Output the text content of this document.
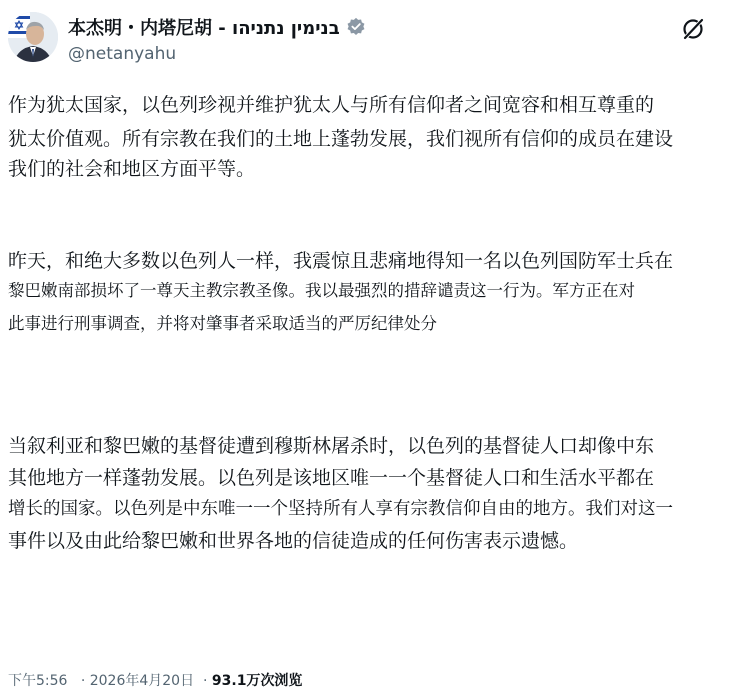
本杰明・内塔尼胡 - בנימין נתניהו
@netanyahu
作为犹太国家，以色列珍视并维护犹太人与所有信仰者之间宽容和相互尊重的
犹太价值观。所有宗教在我们的土地上蓬勃发展，我们视所有信仰的成员在建设
我们的社会和地区方面平等。
昨天，和绝大多数以色列人一样，我震惊且悲痛地得知一名以色列国防军士兵在
黎巴嫩南部损坏了一尊天主教宗教圣像。我以最强烈的措辞谴责这一行为。军方正在对
此事进行刑事调查，并将对肇事者采取适当的严厉纪律处分
当叙利亚和黎巴嫩的基督徒遭到穆斯林屠杀时，以色列的基督徒人口却像中东
其他地方一样蓬勃发展。以色列是该地区唯一一个基督徒人口和生活水平都在
增长的国家。以色列是中东唯一一个坚持所有人享有宗教信仰自由的地方。我们对这一
事件以及由此给黎巴嫩和世界各地的信徒造成的任何伤害表示遗憾。
下午5:56 · 2026年4月20日 · 93.1万次浏览
